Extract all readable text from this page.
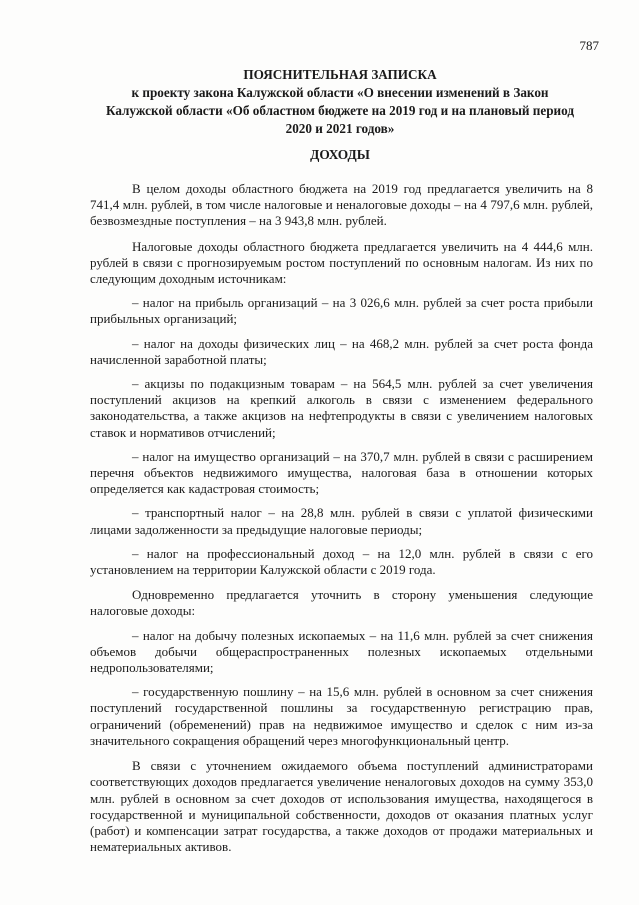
787
ПОЯСНИТЕЛЬНАЯ ЗАПИСКА
к проекту закона Калужской области «О внесении изменений в Закон
Калужской области «Об областном бюджете на 2019 год и на плановый период
2020 и 2021 годов»
ДОХОДЫ

В целом доходы областного бюджета на 2019 год предлагается увеличить на 8 741,4 млн. рублей, в том числе налоговые и неналоговые доходы – на 4 797,6 млн. рублей, безвозмездные поступления – на 3 943,8 млн. рублей.

Налоговые доходы областного бюджета предлагается увеличить на 4 444,6 млн. рублей в связи с прогнозируемым ростом поступлений по основным налогам. Из них по следующим доходным источникам:

– налог на прибыль организаций – на 3 026,6 млн. рублей за счет роста прибыли прибыльных организаций;

– налог на доходы физических лиц – на 468,2 млн. рублей за счет роста фонда начисленной заработной платы;

– акцизы по подакцизным товарам – на 564,5 млн. рублей за счет увеличения поступлений акцизов на крепкий алкоголь в связи с изменением федерального законодательства, а также акцизов на нефтепродукты в связи с увеличением налоговых ставок и нормативов отчислений;

– налог на имущество организаций – на 370,7 млн. рублей в связи с расширением перечня объектов недвижимого имущества, налоговая база в отношении которых определяется как кадастровая стоимость;

– транспортный налог – на 28,8 млн. рублей в связи с уплатой физическими лицами задолженности за предыдущие налоговые периоды;

– налог на профессиональный доход – на 12,0 млн. рублей в связи с его установлением на территории Калужской области с 2019 года.

Одновременно предлагается уточнить в сторону уменьшения следующие налоговые доходы:

– налог на добычу полезных ископаемых – на 11,6 млн. рублей за счет снижения объемов добычи общераспространенных полезных ископаемых отдельными недропользователями;

– государственную пошлину – на 15,6 млн. рублей в основном за счет снижения поступлений государственной пошлины за государственную регистрацию прав, ограничений (обременений) прав на недвижимое имущество и сделок с ним из-за значительного сокращения обращений через многофункциональный центр.

В связи с уточнением ожидаемого объема поступлений администраторами соответствующих доходов предлагается увеличение неналоговых доходов на сумму 353,0 млн. рублей в основном за счет доходов от использования имущества, находящегося в государственной и муниципальной собственности, доходов от оказания платных услуг (работ) и компенсации затрат государства, а также доходов от продажи материальных и нематериальных активов.
